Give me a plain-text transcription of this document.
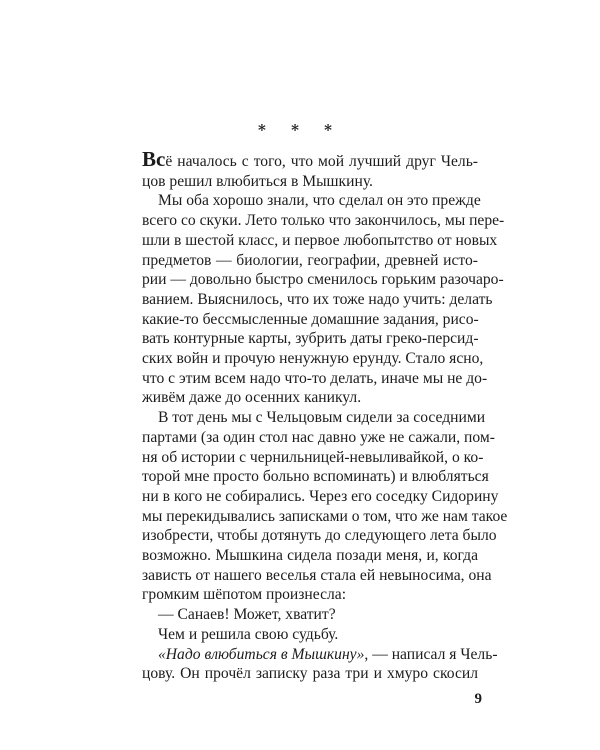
* * *
Всё началось с того, что мой лучший друг Чель-
цов решил влюбиться в Мышкину.
Мы оба хорошо знали, что сделал он это прежде
всего со скуки. Лето только что закончилось, мы пере-
шли в шестой класс, и первое любопытство от новых
предметов — биологии, географии, древней исто-
рии — довольно быстро сменилось горьким разочаро-
ванием. Выяснилось, что их тоже надо учить: делать
какие-то бессмысленные домашние задания, рисо-
вать контурные карты, зубрить даты греко-персид-
ских войн и прочую ненужную ерунду. Стало ясно,
что с этим всем надо что-то делать, иначе мы не до-
живём даже до осенних каникул.
В тот день мы с Чельцовым сидели за соседними
партами (за один стол нас давно уже не сажали, пом-
ня об истории с чернильницей-невыливайкой, о ко-
торой мне просто больно вспоминать) и влюбляться
ни в кого не собирались. Через его соседку Сидорину
мы перекидывались записками о том, что же нам такое
изобрести, чтобы дотянуть до следующего лета было
возможно. Мышкина сидела позади меня, и, когда
зависть от нашего веселья стала ей невыносима, она
громким шёпотом произнесла:
— Санаев! Может, хватит?
Чем и решила свою судьбу.
«Надо влюбиться в Мышкину», — написал я Чель-
цову. Он прочёл записку раза три и хмуро скосил
9
